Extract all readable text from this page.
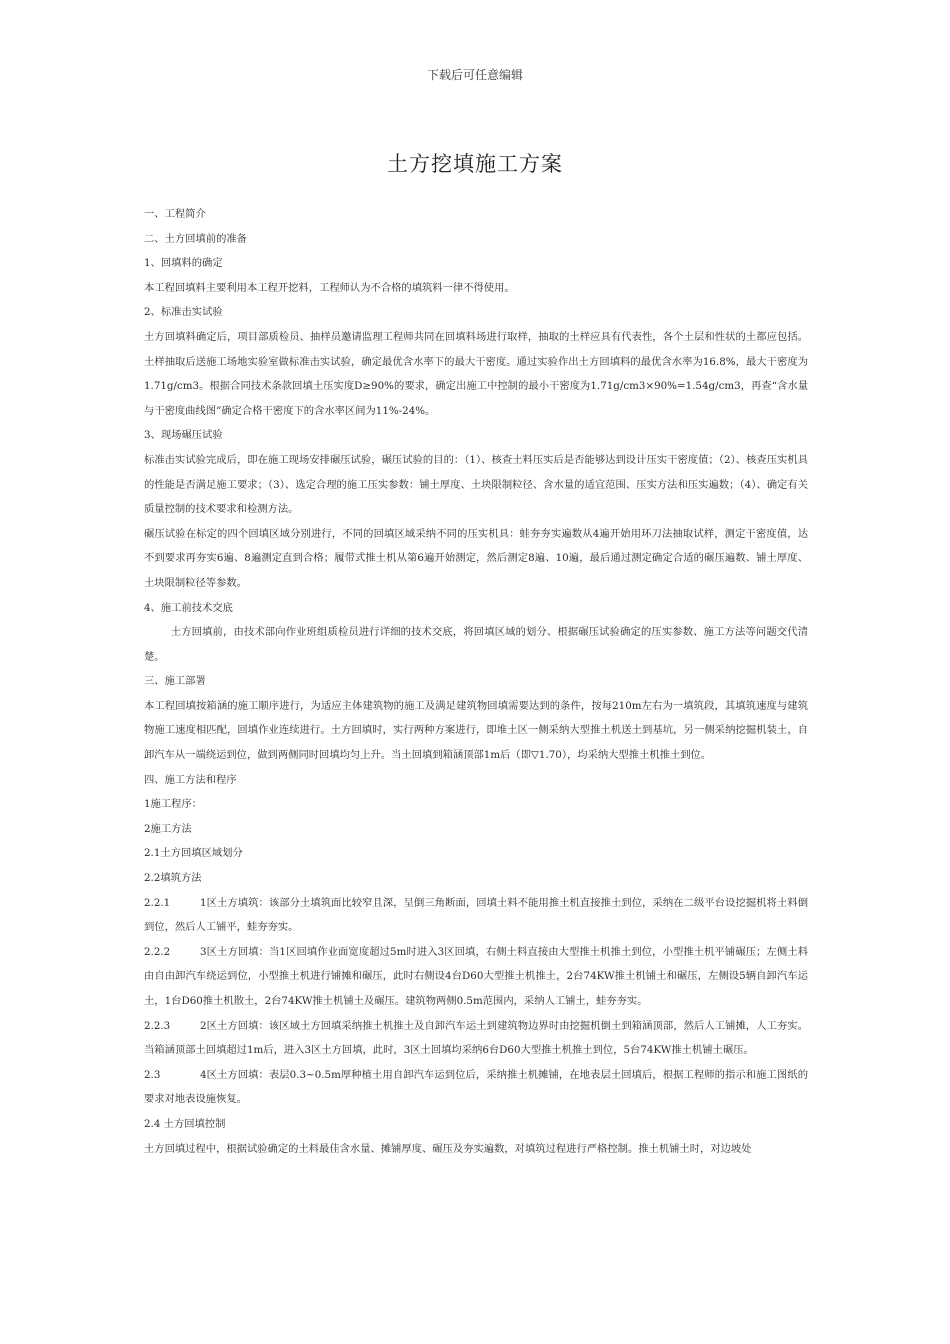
下载后可任意编辑
土方挖填施工方案

一、工程简介

二、土方回填前的准备

1、回填料的确定

本工程回填料主要利用本工程开挖料，工程师认为不合格的填筑料一律不得使用。

2、标准击实试验

土方回填料确定后，项目部质检员、抽样员邀请监理工程师共同在回填料场进行取样，抽取的土样应具有代表性，各个土层和性状的土都应包括。土样抽取后送施工场地实验室做标准击实试验，确定最优含水率下的最大干密度。通过实验作出土方回填料的最优含水率为16.8%，最大干密度为1.71g/cm3。根据合同技术条款回填土压实度D≥90%的要求，确定出施工中控制的最小干密度为1.71g/cm3×90%=1.54g/cm3，再查“含水量与干密度曲线图”确定合格干密度下的含水率区间为11%-24%。

3、现场碾压试验

标准击实试验完成后，即在施工现场安排碾压试验，碾压试验的目的：（1）、核查土料压实后是否能够达到设计压实干密度值；（2）、核查压实机具的性能是否满足施工要求；（3）、选定合理的施工压实参数：铺土厚度、土块限制粒径、含水量的适宜范围、压实方法和压实遍数；（4）、确定有关质量控制的技术要求和检测方法。

碾压试验在标定的四个回填区域分别进行，不同的回填区域采纳不同的压实机具：蛙夯夯实遍数从4遍开始用环刀法抽取试样，测定干密度值，达不到要求再夯实6遍、8遍测定直到合格；履带式推土机从第6遍开始测定，然后测定8遍、10遍，最后通过测定确定合适的碾压遍数、铺土厚度、土块限制粒径等参数。

4、施工前技术交底

土方回填前，由技术部向作业班组质检员进行详细的技术交底，将回填区域的划分、根据碾压试验确定的压实参数、施工方法等问题交代清楚。

三、施工部署

本工程回填按箱涵的施工顺序进行，为适应主体建筑物的施工及满足建筑物回填需要达到的条件，按每210m左右为一填筑段，其填筑速度与建筑物施工速度相匹配，回填作业连续进行。土方回填时，实行两种方案进行，即堆土区一侧采纳大型推土机送土到基坑，另一侧采纳挖掘机装土，自卸汽车从一端绕运到位，做到两侧同时回填均匀上升。当土回填到箱涵顶部1m后（即▽1.70），均采纳大型推土机推土到位。

四、施工方法和程序

1施工程序：

2施工方法

2.1土方回填区域划分

2.2填筑方法

2.2.1	1区土方填筑：该部分土填筑面比较窄且深，呈倒三角断面，回填土料不能用推土机直接推土到位，采纳在二级平台设挖掘机将土料倒到位，然后人工铺平，蛙夯夯实。

2.2.2	3区土方回填：当1区回填作业面宽度超过5m时进入3区回填，右侧土料直接由大型推土机推土到位，小型推土机平铺碾压；左侧土料由自由卸汽车绕运到位，小型推土机进行铺摊和碾压，此时右侧设4台D60大型推土机推土，2台74KW推土机铺土和碾压，左侧设5辆自卸汽车运土，1台D60推土机散土，2台74KW推土机铺土及碾压。建筑物两侧0.5m范围内，采纳人工铺土，蛙夯夯实。

2.2.3	2区土方回填：该区域土方回填采纳推土机推土及自卸汽车运土到建筑物边界时由挖掘机倒土到箱涵顶部，然后人工铺摊，人工夯实。当箱涵顶部土回填超过1m后，进入3区土方回填，此时，3区土回填均采纳6台D60大型推土机推土到位，5台74KW推土机铺土碾压。

2.3	4区土方回填：表层0.3~0.5m厚种植土用自卸汽车运到位后，采纳推土机摊铺，在地表层土回填后，根据工程师的指示和施工图纸的要求对地表设施恢复。

2.4 土方回填控制

土方回填过程中，根据试验确定的土料最佳含水量、摊铺厚度、碾压及夯实遍数，对填筑过程进行严格控制。推土机铺土时，对边坡处
